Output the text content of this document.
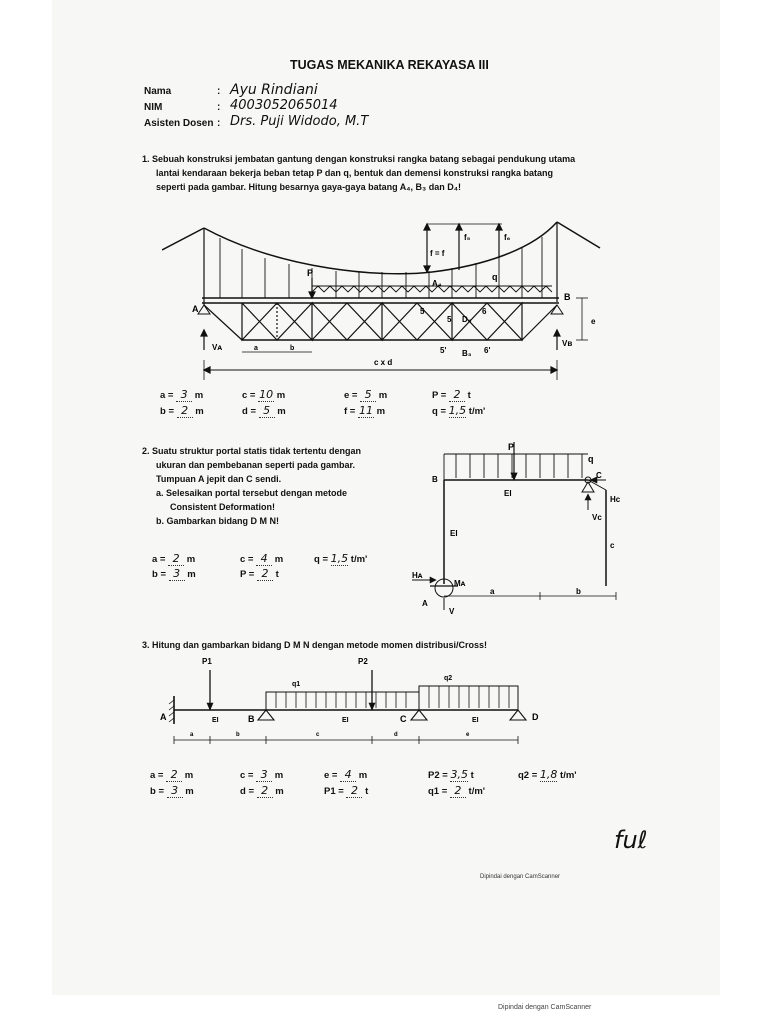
TUGAS MEKANIKA REKAYASA III
Nama	: Ayu Rindiani
NIM	: 4003052065014
Asisten Dosen : Drs. Puji Widodo, M.T
1. Sebuah konstruksi jembatan gantung dengan konstruksi rangka batang sebagai pendukung utama
lantai kendaraan bekerja beban tetap P dan q, bentuk dan demensi konstruksi rangka batang
seperti pada gambar. Hitung besarnya gaya-gaya batang A₄, B₃ dan D₄!
A
B
P	q
A₄
f = f
f₅	f₆
5
5
5'
D₄
6
6'
B₃
e
Vᴀ	Vʙ
a	b
c x d
a = 3 m	c = 10 m	e = 5 m	P = 2 t
b = 2 m	d = 5 m	f = 11 m	q = 1,5 t/m'
2. Suatu struktur portal statis tidak tertentu dengan
ukuran dan pembebanan seperti pada gambar.
Tumpuan A jepit dan C sendi.
a. Selesaikan portal tersebut dengan metode
Consistent Deformation!
b. Gambarkan bidang D M N!
a = 2 m	c = 4 m	q = 1,5 t/m'
b = 3 m	P = 2 t
P
q
B	C
EI
EI
Hc
Vc
c
Hᴀ
Mᴀ
A
V
a	b
3. Hitung dan gambarkan bidang D M N dengan metode momen distribusi/Cross!
P1	P2
q1
q2
A	B	C	D
EI	EI	EI
a	b	c	d	e
a = 2 m	c = 3 m	e = 4 m	P2 = 3,5 t	q2 = 1,8 t/m'
b = 3 m	d = 2 m	P1 = 2 t	q1 = 2 t/m'
fuℓ
Dipindai dengan CamScanner
Dipindai dengan CamScanner
